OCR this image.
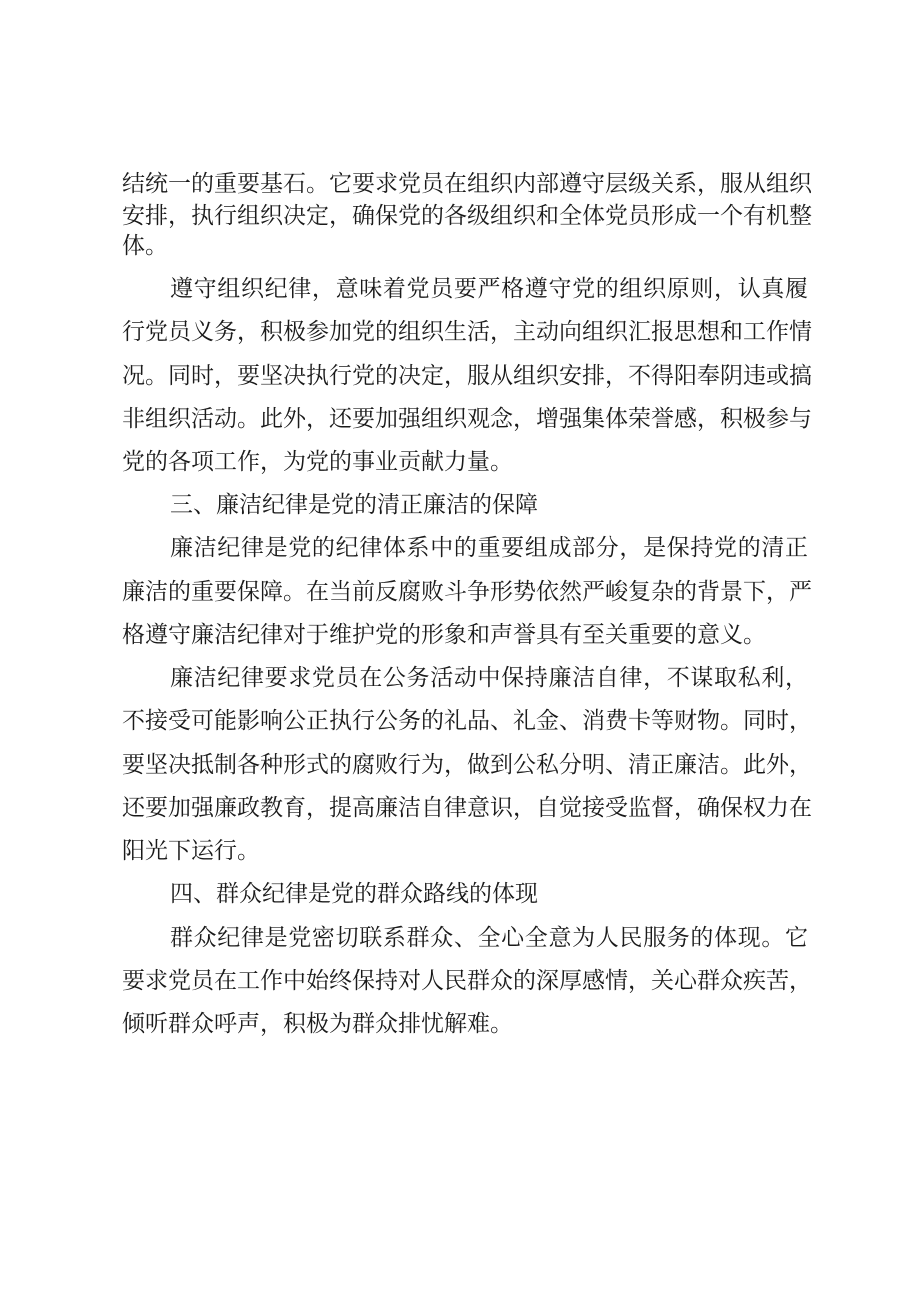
结统一的重要基石。它要求党员在组织内部遵守层级关系，服从组织
安排，执行组织决定，确保党的各级组织和全体党员形成一个有机整
体。
遵守组织纪律，意味着党员要严格遵守党的组织原则，认真履
行党员义务，积极参加党的组织生活，主动向组织汇报思想和工作情
况。同时，要坚决执行党的决定，服从组织安排，不得阳奉阴违或搞
非组织活动。此外，还要加强组织观念，增强集体荣誉感，积极参与
党的各项工作，为党的事业贡献力量。
三、廉洁纪律是党的清正廉洁的保障
廉洁纪律是党的纪律体系中的重要组成部分，是保持党的清正
廉洁的重要保障。在当前反腐败斗争形势依然严峻复杂的背景下，严
格遵守廉洁纪律对于维护党的形象和声誉具有至关重要的意义。
廉洁纪律要求党员在公务活动中保持廉洁自律，不谋取私利，
不接受可能影响公正执行公务的礼品、礼金、消费卡等财物。同时，
要坚决抵制各种形式的腐败行为，做到公私分明、清正廉洁。此外，
还要加强廉政教育，提高廉洁自律意识，自觉接受监督，确保权力在
阳光下运行。
四、群众纪律是党的群众路线的体现
群众纪律是党密切联系群众、全心全意为人民服务的体现。它
要求党员在工作中始终保持对人民群众的深厚感情，关心群众疾苦，
倾听群众呼声，积极为群众排忧解难。
